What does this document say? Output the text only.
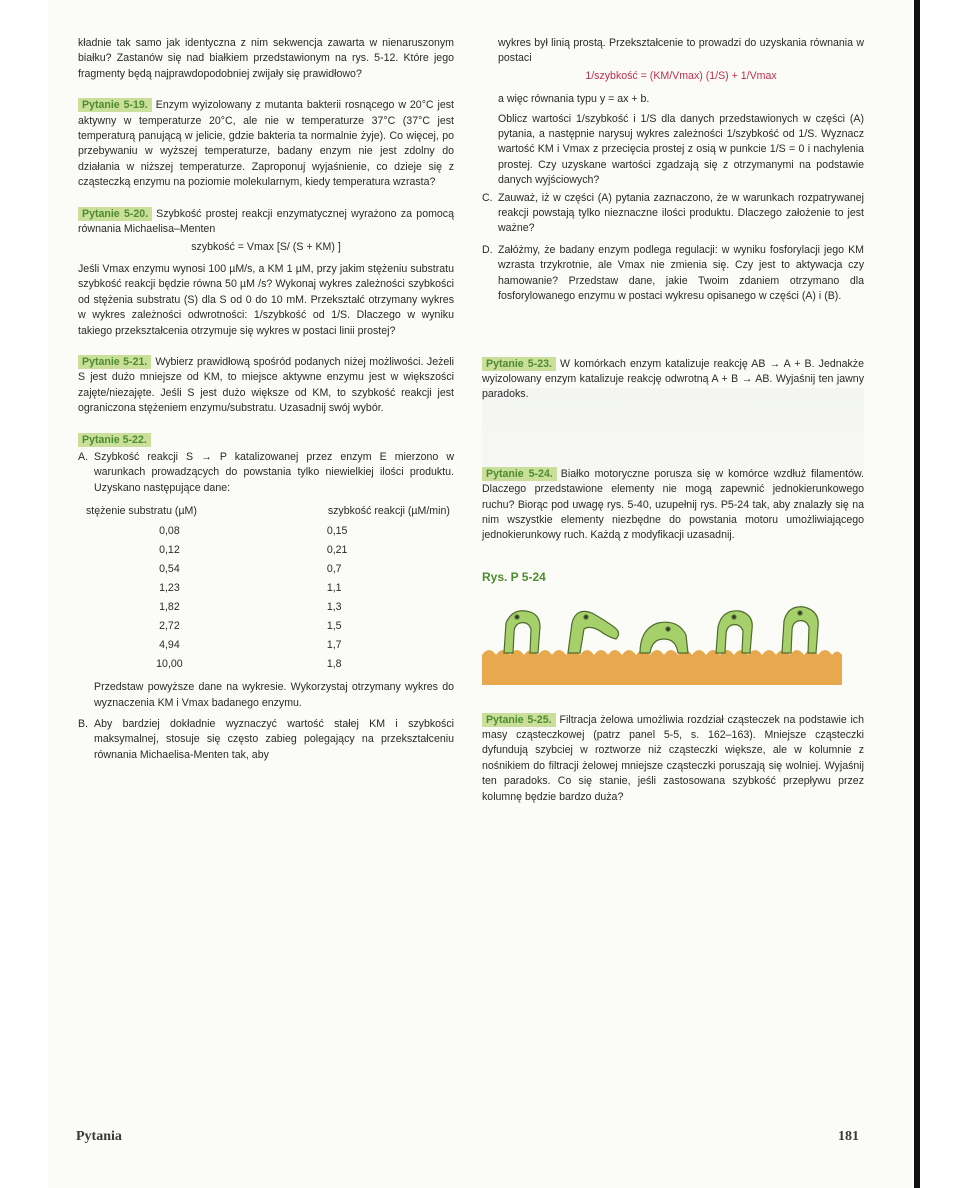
kładnie tak samo jak identyczna z nim sekwencja zawarta w nienaruszonym białku? Zastanów się nad białkiem przedstawionym na rys. 5-12. Które jego fragmenty będą najprawdopodobniej zwijały się prawidłowo?

Pytanie 5-19. Enzym wyizolowany z mutanta bakterii rosnącego w 20°C jest aktywny w temperaturze 20°C, ale nie w temperaturze 37°C (37°C jest temperaturą panującą w jelicie, gdzie bakteria ta normalnie żyje). Co więcej, po przebywaniu w wyższej temperaturze, badany enzym nie jest zdolny do działania w niższej temperaturze. Zaproponuj wyjaśnienie, co dzieje się z cząsteczką enzymu na poziomie molekularnym, kiedy temperatura wzrasta?

Pytanie 5-20. Szybkość prostej reakcji enzymatycznej wyrażono za pomocą równania Michaelisa–Menten

szybkość = Vmax [S/ (S + KM) ]

Jeśli Vmax enzymu wynosi 100 µM/s, a KM 1 µM, przy jakim stężeniu substratu szybkość reakcji będzie równa 50 µM /s? Wykonaj wykres zależności szybkości od stężenia substratu (S) dla S od 0 do 10 mM. Przekształć otrzymany wykres w wykres zależności odwrotności: 1/szybkość od 1/S. Dlaczego w wyniku takiego przekształcenia otrzymuje się wykres w postaci linii prostej?

Pytanie 5-21. Wybierz prawidłową spośród podanych niżej możliwości. Jeżeli S jest dużo mniejsze od KM, to miejsce aktywne enzymu jest w większości zajęte/niezajęte. Jeśli S jest dużo większe od KM, to szybkość reakcji jest ograniczona stężeniem enzymu/substratu. Uzasadnij swój wybór.

Pytanie 5-22.

A. Szybkość reakcji S → P katalizowanej przez enzym E mierzono w warunkach prowadzących do powstania tylko niewielkiej ilości produktu. Uzyskano następujące dane:
stężenie substratu (µM)	szybkość reakcji (µM/min)
0,08	0,15
0,12	0,21
0,54	0,7
1,23	1,1
1,82	1,3
2,72	1,5
4,94	1,7
10,00	1,8
Przedstaw powyższe dane na wykresie. Wykorzystaj otrzymany wykres do wyznaczenia KM i Vmax badanego enzymu.
B. Aby bardziej dokładnie wyznaczyć wartość stałej KM i szybkości maksymalnej, stosuje się często zabieg polegający na przekształceniu równania Michaelisa-Menten tak, aby

wykres był linią prostą. Przekształcenie to prowadzi do uzyskania równania w postaci

1/szybkość = (KM/Vmax) (1/S) + 1/Vmax

a więc równania typu y = ax + b.

Oblicz wartości 1/szybkość i 1/S dla danych przedstawionych w części (A) pytania, a następnie narysuj wykres zależności 1/szybkość od 1/S. Wyznacz wartość KM i Vmax z przecięcia prostej z osią w punkcie 1/S = 0 i nachylenia prostej. Czy uzyskane wartości zgadzają się z otrzymanymi na podstawie danych wyjściowych?

C. Zauważ, iż w części (A) pytania zaznaczono, że w warunkach rozpatrywanej reakcji powstają tylko nieznaczne ilości produktu. Dlaczego założenie to jest ważne?
D. Załóżmy, że badany enzym podlega regulacji: w wyniku fosforylacji jego KM wzrasta trzykrotnie, ale Vmax nie zmienia się. Czy jest to aktywacja czy hamowanie? Przedstaw dane, jakie Twoim zdaniem otrzymano dla fosforylowanego enzymu w postaci wykresu opisanego w części (A) i (B).

Pytanie 5-23. W komórkach enzym katalizuje reakcję AB → A + B. Jednakże wyizolowany enzym katalizuje reakcję odwrotną A + B → AB. Wyjaśnij ten jawny paradoks.

Pytanie 5-24. Białko motoryczne porusza się w komórce wzdłuż filamentów. Dlaczego przedstawione elementy nie mogą zapewnić jednokierunkowego ruchu? Biorąc pod uwagę rys. 5-40, uzupełnij rys. P5-24 tak, aby znalazły się na nim wszystkie elementy niezbędne do powstania motoru umożliwiającego jednokierunkowy ruch. Każdą z modyfikacji uzasadnij.

Rys. P 5-24

Pytanie 5-25. Filtracja żelowa umożliwia rozdział cząsteczek na podstawie ich masy cząsteczkowej (patrz panel 5-5, s. 162–163). Mniejsze cząsteczki dyfundują szybciej w roztworze niż cząsteczki większe, ale w kolumnie z nośnikiem do filtracji żelowej mniejsze cząsteczki poruszają się wolniej. Wyjaśnij ten paradoks. Co się stanie, jeśli zastosowana szybkość przepływu przez kolumnę będzie bardzo duża?

Pytania	181
